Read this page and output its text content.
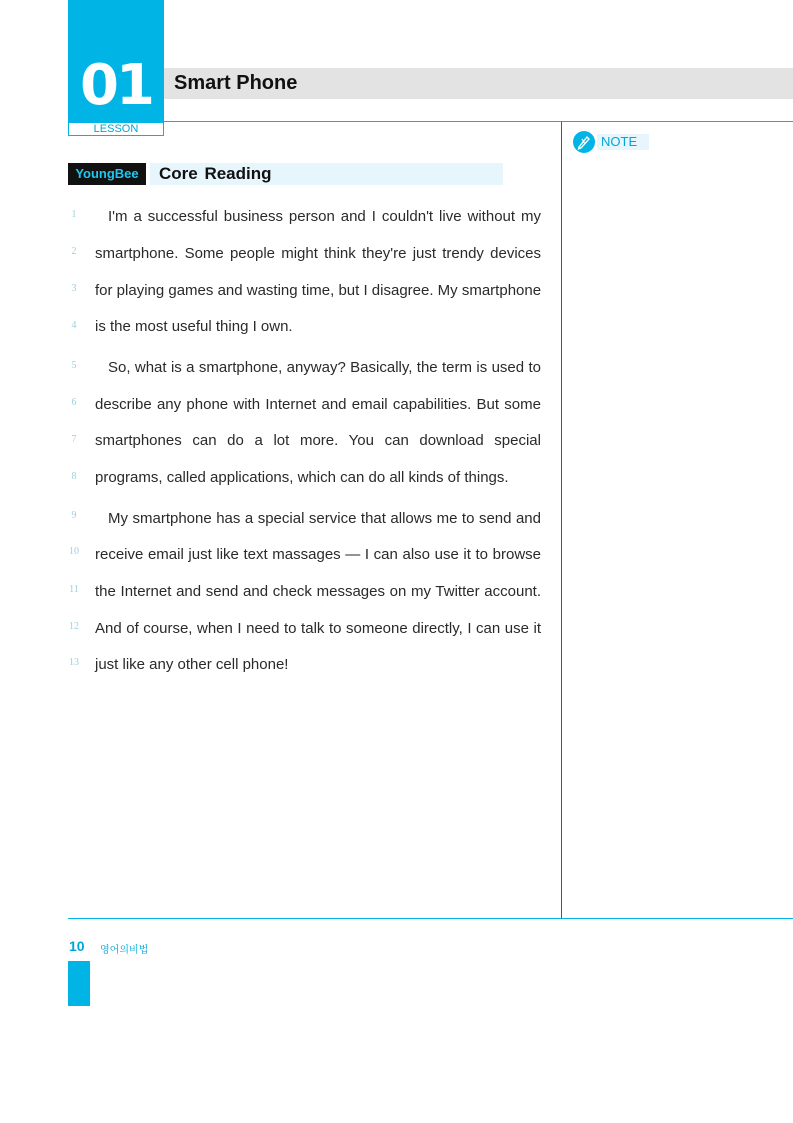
01
LESSON
Smart Phone
NOTE
YoungBee	Core Reading
1	I'm a successful business person and I couldn't live without my
2	smartphone. Some people might think they're just trendy devices
3	for playing games and wasting time, but I disagree. My smartphone
4	is the most useful thing I own.
5	So, what is a smartphone, anyway? Basically, the term is used to
6	describe any phone with Internet and email capabilities. But some
7	smartphones can do a lot more. You can download special
8	programs, called applications, which can do all kinds of things.
9	My smartphone has a special service that allows me to send and
10 receive email just like text massages — I can also use it to browse
11 the Internet and send and check messages on my Twitter account.
12 And of course, when I need to talk to someone directly, I can use it
13 just like any other cell phone!
10 영어의비법
